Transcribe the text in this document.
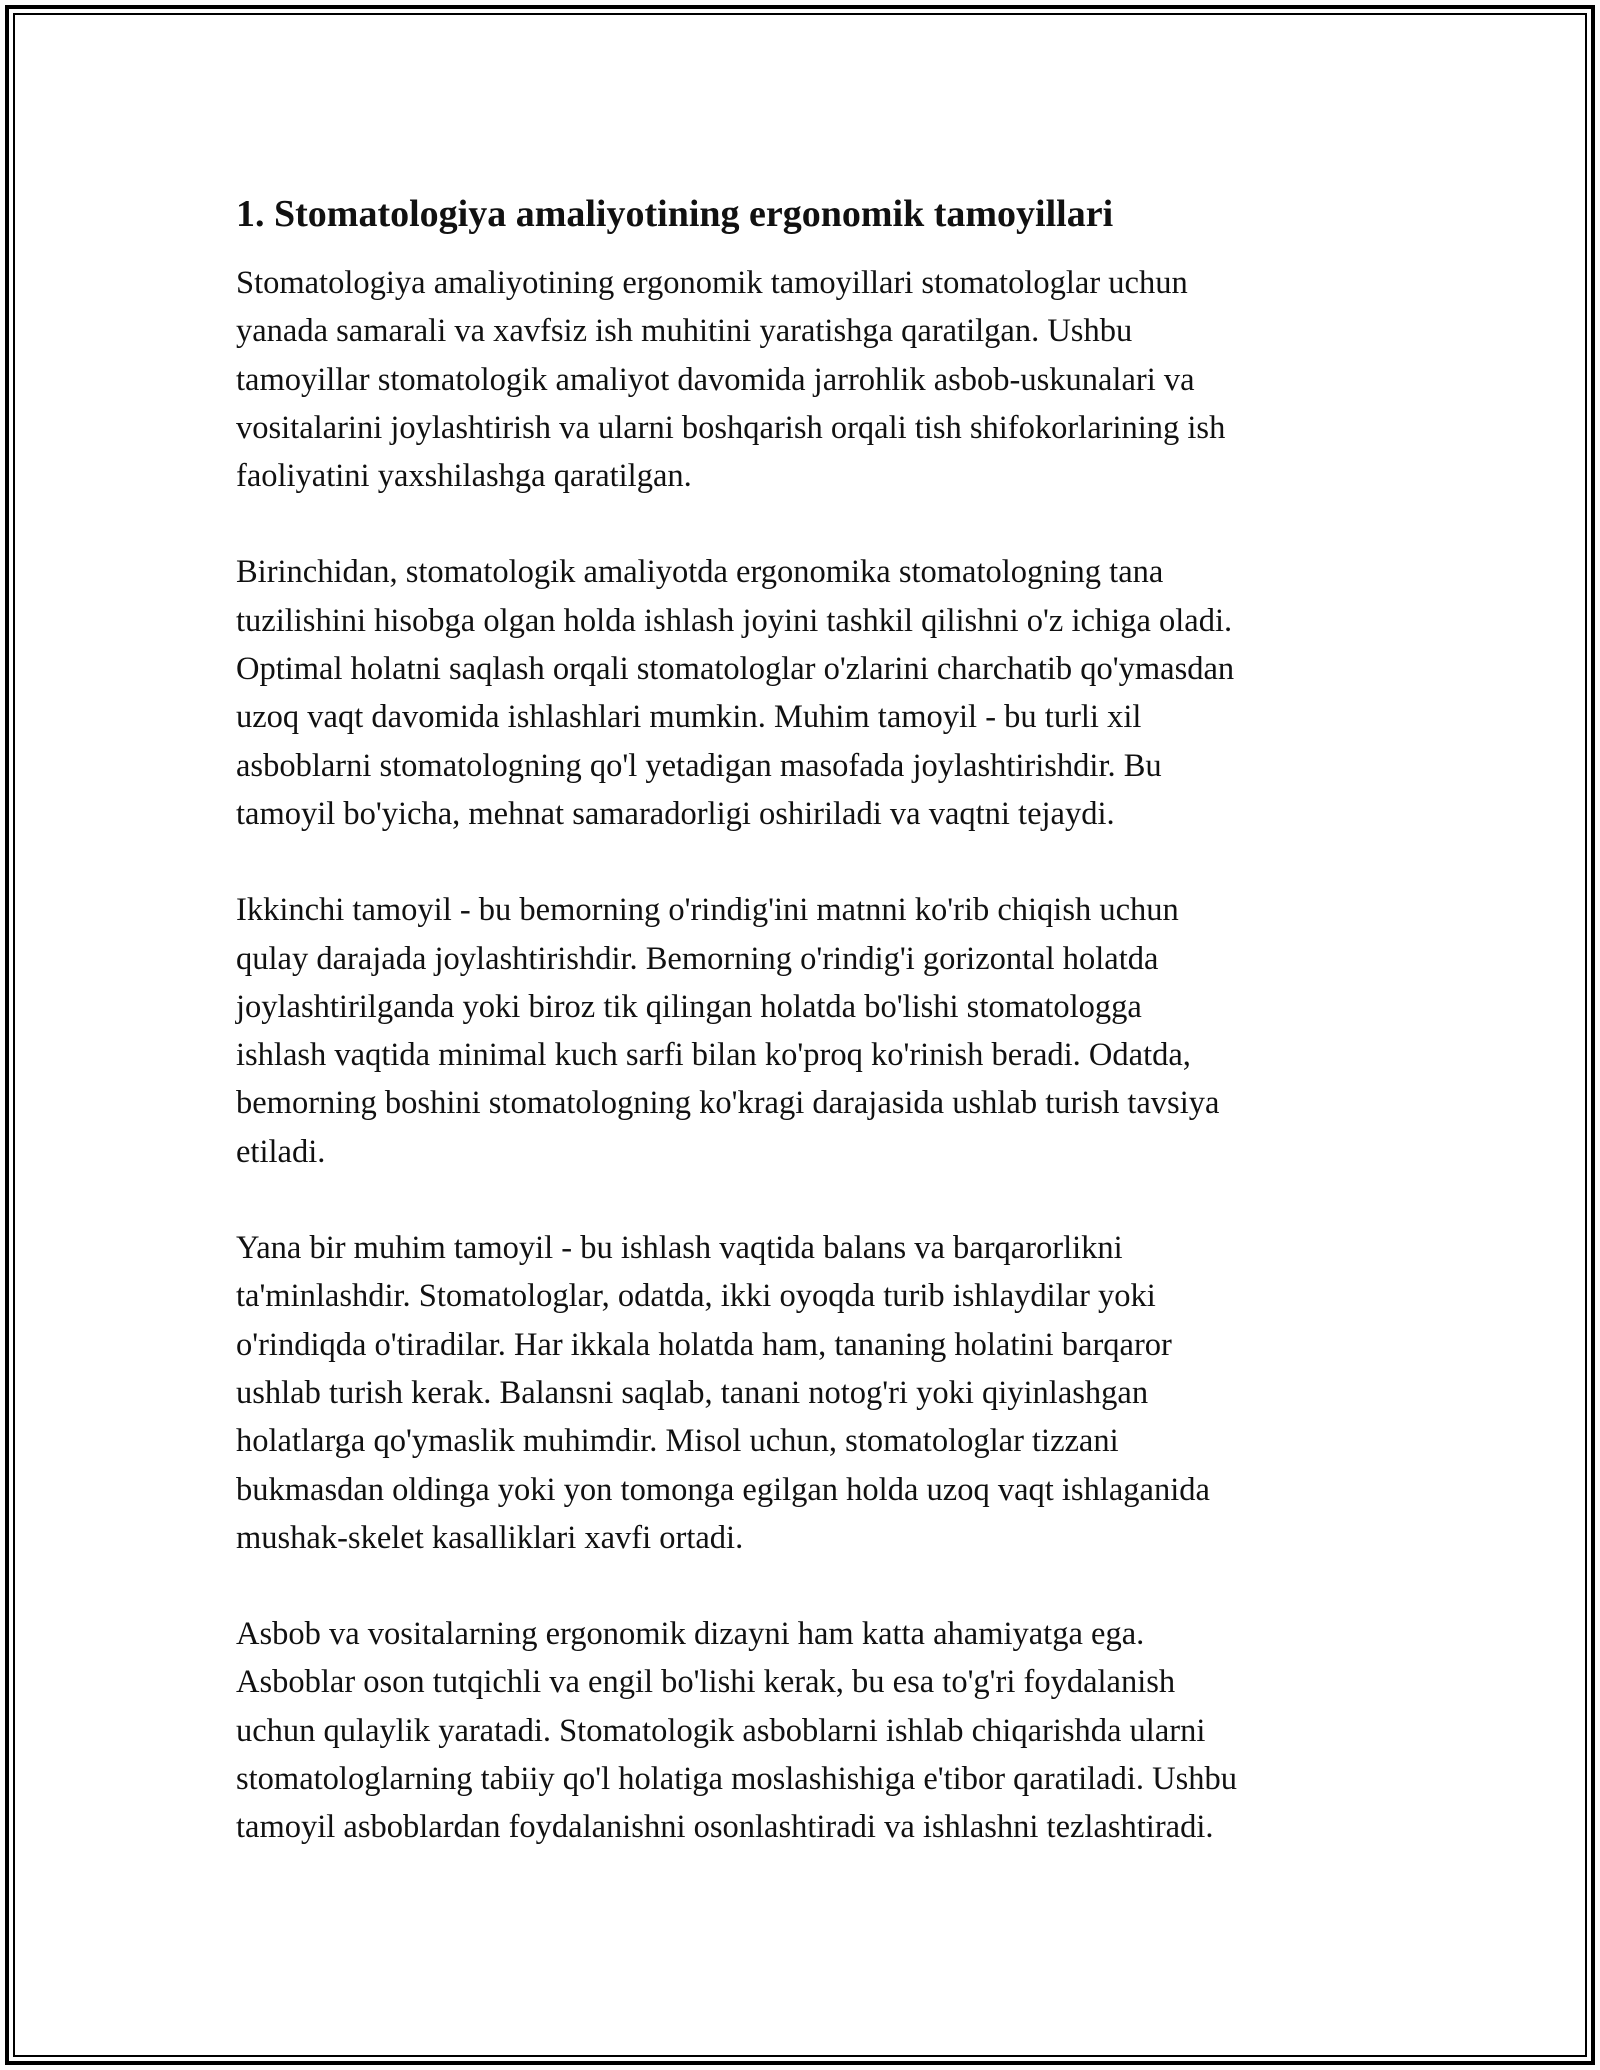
1. Stomatologiya amaliyotining ergonomik tamoyillari
Stomatologiya amaliyotining ergonomik tamoyillari stomatologlar uchun
yanada samarali va xavfsiz ish muhitini yaratishga qaratilgan. Ushbu
tamoyillar stomatologik amaliyot davomida jarrohlik asbob-uskunalari va
vositalarini joylashtirish va ularni boshqarish orqali tish shifokorlarining ish
faoliyatini yaxshilashga qaratilgan.
Birinchidan, stomatologik amaliyotda ergonomika stomatologning tana
tuzilishini hisobga olgan holda ishlash joyini tashkil qilishni o'z ichiga oladi.
Optimal holatni saqlash orqali stomatologlar o'zlarini charchatib qo'ymasdan
uzoq vaqt davomida ishlashlari mumkin. Muhim tamoyil - bu turli xil
asboblarni stomatologning qo'l yetadigan masofada joylashtirishdir. Bu
tamoyil bo'yicha, mehnat samaradorligi oshiriladi va vaqtni tejaydi.
Ikkinchi tamoyil - bu bemorning o'rindig'ini matnni ko'rib chiqish uchun
qulay darajada joylashtirishdir. Bemorning o'rindig'i gorizontal holatda
joylashtirilganda yoki biroz tik qilingan holatda bo'lishi stomatologga
ishlash vaqtida minimal kuch sarfi bilan ko'proq ko'rinish beradi. Odatda,
bemorning boshini stomatologning ko'kragi darajasida ushlab turish tavsiya
etiladi.
Yana bir muhim tamoyil - bu ishlash vaqtida balans va barqarorlikni
ta'minlashdir. Stomatologlar, odatda, ikki oyoqda turib ishlaydilar yoki
o'rindiqda o'tiradilar. Har ikkala holatda ham, tananing holatini barqaror
ushlab turish kerak. Balansni saqlab, tanani notog'ri yoki qiyinlashgan
holatlarga qo'ymaslik muhimdir. Misol uchun, stomatologlar tizzani
bukmasdan oldinga yoki yon tomonga egilgan holda uzoq vaqt ishlaganida
mushak-skelet kasalliklari xavfi ortadi.
Asbob va vositalarning ergonomik dizayni ham katta ahamiyatga ega.
Asboblar oson tutqichli va engil bo'lishi kerak, bu esa to'g'ri foydalanish
uchun qulaylik yaratadi. Stomatologik asboblarni ishlab chiqarishda ularni
stomatologlarning tabiiy qo'l holatiga moslashishiga e'tibor qaratiladi. Ushbu
tamoyil asboblardan foydalanishni osonlashtiradi va ishlashni tezlashtiradi.
